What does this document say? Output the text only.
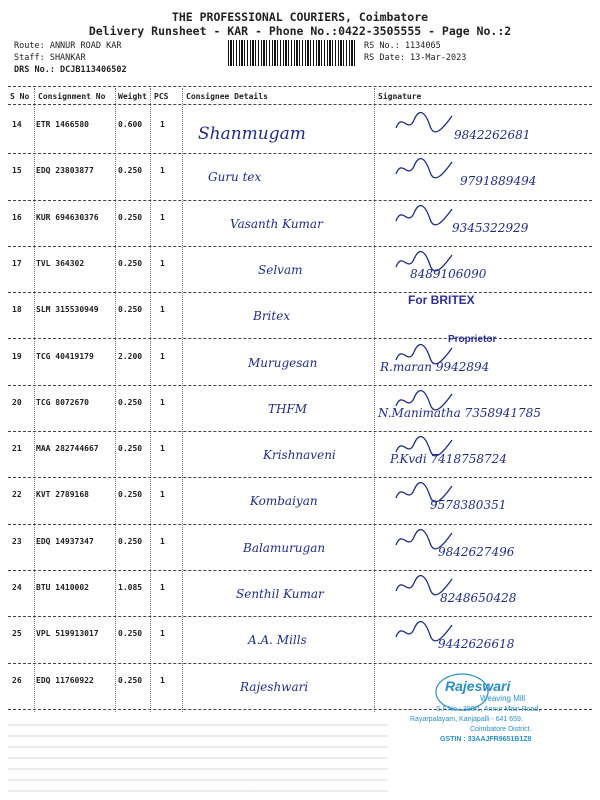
THE PROFESSIONAL COURIERS, Coimbatore
Delivery Runsheet - KAR - Phone No.:0422-3505555 - Page No.:2
Route: ANNUR ROAD KAR
Staff: SHANKAR
DRS No.: DCJB113406502
RS No.: 1134065
RS Date: 13-Mar-2023
S No Consignment No Weight PCS Consignee Details	Signature
14 ETR 1466580	0.600 1 Shanmugam	9842262681
15 EDQ 23803877	0.250 1	Guru tex	9791889494
16 KUR 694630376 0.250 1	Vasanth Kumar	9345322929
17 TVL 364302	0.250 1	Selvam	8489106090
18 SLM 315530949 0.250 1	Britex
19 TCG 40419179	2.200 1	Murugesan	R.maran 9942894
20 TCG 8072670	0.250 1	THFM	N.Manimatha 7358941785
21 MAA 282744667 0.250 1	Krishnaveni	P.Kvdi 7418758724
22 KVT 2789168	0.250 1	Kombaiyan	9578380351
23 EDQ 14937347	0.250 1	Balamurugan	9842627496
24 BTU 1410002	1.085 1	Senthil Kumar	8248650428
25 VPL 519913017 0.250 1	A.A. Mills	9442626618
26 EDQ 11760922	0.250 1	Rajeshwari
For BRITEX
Proprietor
Rajeswari
Weaving Mill
S.F.No : 399/1, Annur Main Road,
Rayarpalayam, Kanjapalli - 641 659.
Coimbatore District.
GSTIN : 33AAJFR9651B1Z8
